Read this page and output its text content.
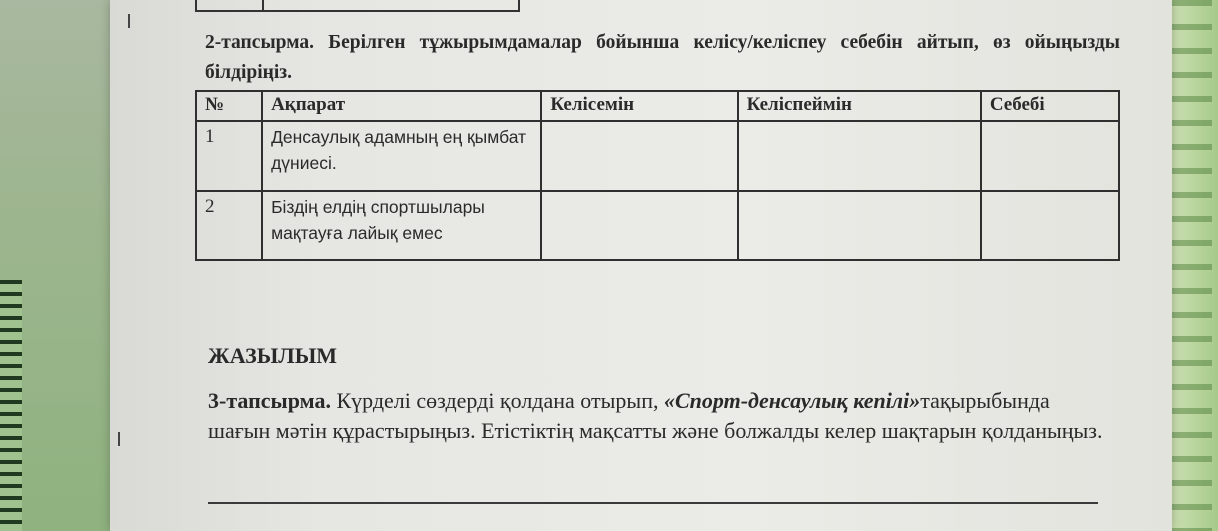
2-тапсырма. Берілген тұжырымдамалар бойынша келісу/келіспеу себебін айтып, өз ойыңызды білдіріңіз.
№	Ақпарат	Келісемін	Келіспеймін	Себебі
1	Денсаулық адамның ең қымбат дүниесі.			
2	Біздің елдің спортшылары мақтауға лайық емес			
ЖАЗЫЛЫМ
3-тапсырма. Күрделі сөздерді қолдана отырып, «Спорт-денсаулық кепілі»тақырыбында шағын мәтін құрастырыңыз. Етістіктің мақсатты және болжалды келер шақтарын қолданыңыз.
